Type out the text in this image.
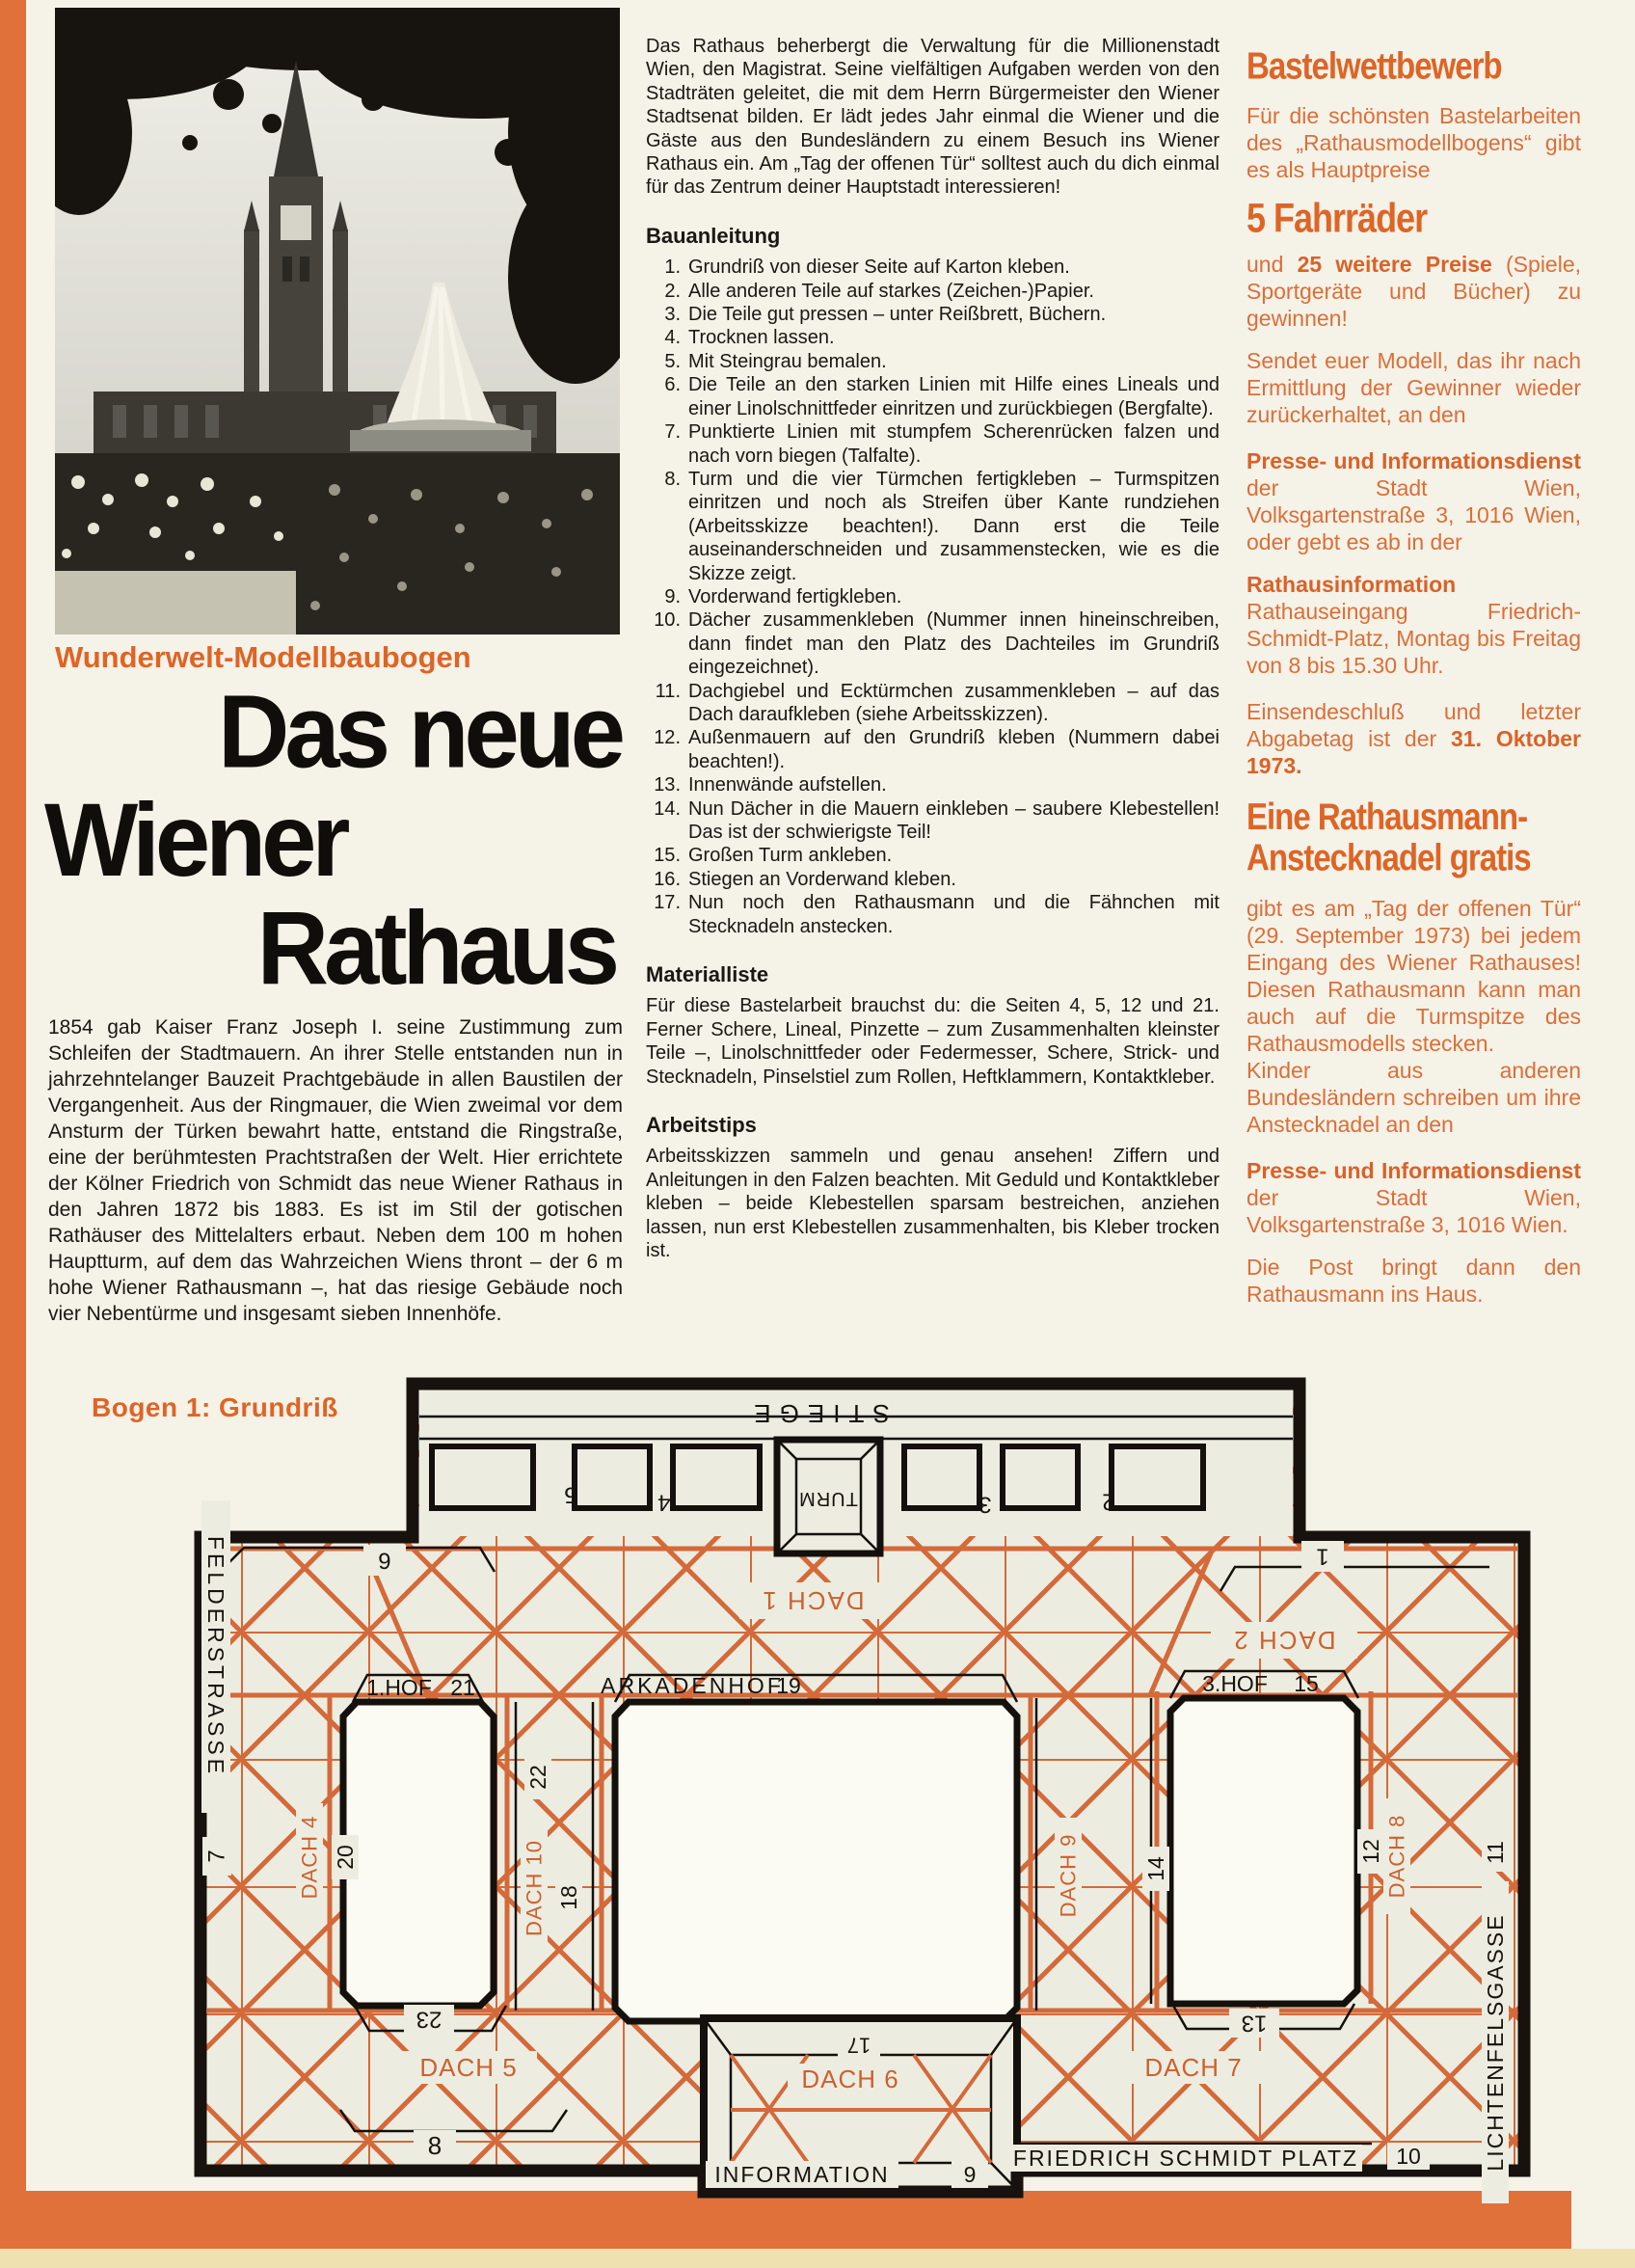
Wunderwelt-Modellbaubogen
Das neue
Wiener
Rathaus
1854 gab Kaiser Franz Joseph I. seine Zustimmung zum Schleifen der Stadtmauern. An ihrer Stelle entstanden nun in jahrzehntelanger Bauzeit Prachtgebäude in allen Baustilen der Vergangenheit. Aus der Ringmauer, die Wien zweimal vor dem Ansturm der Türken bewahrt hatte, entstand die Ringstraße, eine der berühmtesten Prachtstraßen der Welt. Hier errichtete der Kölner Friedrich von Schmidt das neue Wiener Rathaus in den Jahren 1872 bis 1883. Es ist im Stil der gotischen Rathäuser des Mittelalters erbaut. Neben dem 100 m hohen Hauptturm, auf dem das Wahrzeichen Wiens thront – der 6 m hohe Wiener Rathausmann –, hat das riesige Gebäude noch vier Nebentürme und insgesamt sieben Innenhöfe.

Das Rathaus beherbergt die Verwaltung für die Millionenstadt Wien, den Magistrat. Seine vielfältigen Aufgaben werden von den Stadträten geleitet, die mit dem Herrn Bürgermeister den Wiener Stadtsenat bilden. Er lädt jedes Jahr einmal die Wiener und die Gäste aus den Bundesländern zu einem Besuch ins Wiener Rathaus ein. Am „Tag der offenen Tür“ solltest auch du dich einmal für das Zentrum deiner Hauptstadt interessieren!

Bauanleitung
Grundriß von dieser Seite auf Karton kleben.
Alle anderen Teile auf starkes (Zeichen-)Papier.
Die Teile gut pressen – unter Reißbrett, Büchern.
Trocknen lassen.
Mit Steingrau bemalen.
Die Teile an den starken Linien mit Hilfe eines Lineals und einer Linolschnittfeder einritzen und zurückbiegen (Bergfalte).
Punktierte Linien mit stumpfem Scherenrücken falzen und nach vorn biegen (Talfalte).
Turm und die vier Türmchen fertigkleben – Turmspitzen einritzen und noch als Streifen über Kante rundziehen (Arbeitsskizze beachten!). Dann erst die Teile auseinanderschneiden und zusammenstecken, wie es die Skizze zeigt.
Vorderwand fertigkleben.
Dächer zusammenkleben (Nummer innen hineinschreiben, dann findet man den Platz des Dachteiles im Grundriß eingezeichnet).
Dachgiebel und Ecktürmchen zusammenkleben – auf das Dach daraufkleben (siehe Arbeitsskizzen).
Außenmauern auf den Grundriß kleben (Nummern dabei beachten!).
Innenwände aufstellen.
Nun Dächer in die Mauern einkleben – saubere Klebestellen! Das ist der schwierigste Teil!
Großen Turm ankleben.
Stiegen an Vorderwand kleben.
Nun noch den Rathausmann und die Fähnchen mit Stecknadeln anstecken.
Materialliste

Für diese Bastelarbeit brauchst du: die Seiten 4, 5, 12 und 21. Ferner Schere, Lineal, Pinzette – zum Zusammenhalten kleinster Teile –, Linolschnittfeder oder Federmesser, Schere, Strick- und Stecknadeln, Pinselstiel zum Rollen, Heftklammern, Kontaktkleber.

Arbeitstips

Arbeitsskizzen sammeln und genau ansehen! Ziffern und Anleitungen in den Falzen beachten. Mit Geduld und Kontaktkleber kleben – beide Klebestellen sparsam bestreichen, anziehen lassen, nun erst Klebestellen zusammenhalten, bis Kleber trocken ist.

Bastelwettbewerb

Für die schönsten Bastelarbeiten des „Rathausmodellbogens“ gibt es als Hauptpreise

5 Fahrräder

und 25 weitere Preise (Spiele, Sportgeräte und Bücher) zu gewinnen!

Sendet euer Modell, das ihr nach Ermittlung der Gewinner wieder zurückerhaltet, an den

Presse- und Informationsdienst der Stadt Wien, Volksgartenstraße 3, 1016 Wien, oder gebt es ab in der

Rathausinformation
Rathauseingang Friedrich-Schmidt-Platz, Montag bis Freitag von 8 bis 15.30 Uhr.

Einsendeschluß und letzter Abgabetag ist der 31. Oktober 1973.

Eine Rathausmann-
Anstecknadel gratis

gibt es am „Tag der offenen Tür“ (29. September 1973) bei jedem Eingang des Wiener Rathauses! Diesen Rathausmann kann man auch auf die Turmspitze des Rathausmodells stecken.

Kinder aus anderen Bundesländern schreiben um ihre Anstecknadel an den

Presse- und Informationsdienst der Stadt Wien, Volksgartenstraße 3, 1016 Wien.

Die Post bringt dann den Rathausmann ins Haus.

Bogen 1: Grundriß	STIEGE
TURM
5	4	3	2
1
6
DACH 1
DACH 2
1.HOF 21	ARKADENHOF
19	3.HOF 15
FELDERSTRASSE
7	DACH 4 20
22
DACH 10 18
23
DACH 5
8
17
DACH 6
INFORMATION	9
DACH 9	14
13
DACH 7
12 DACH 8	11
FRIEDRICH SCHMIDT PLATZ 10	LICHTENFELSGASSE
